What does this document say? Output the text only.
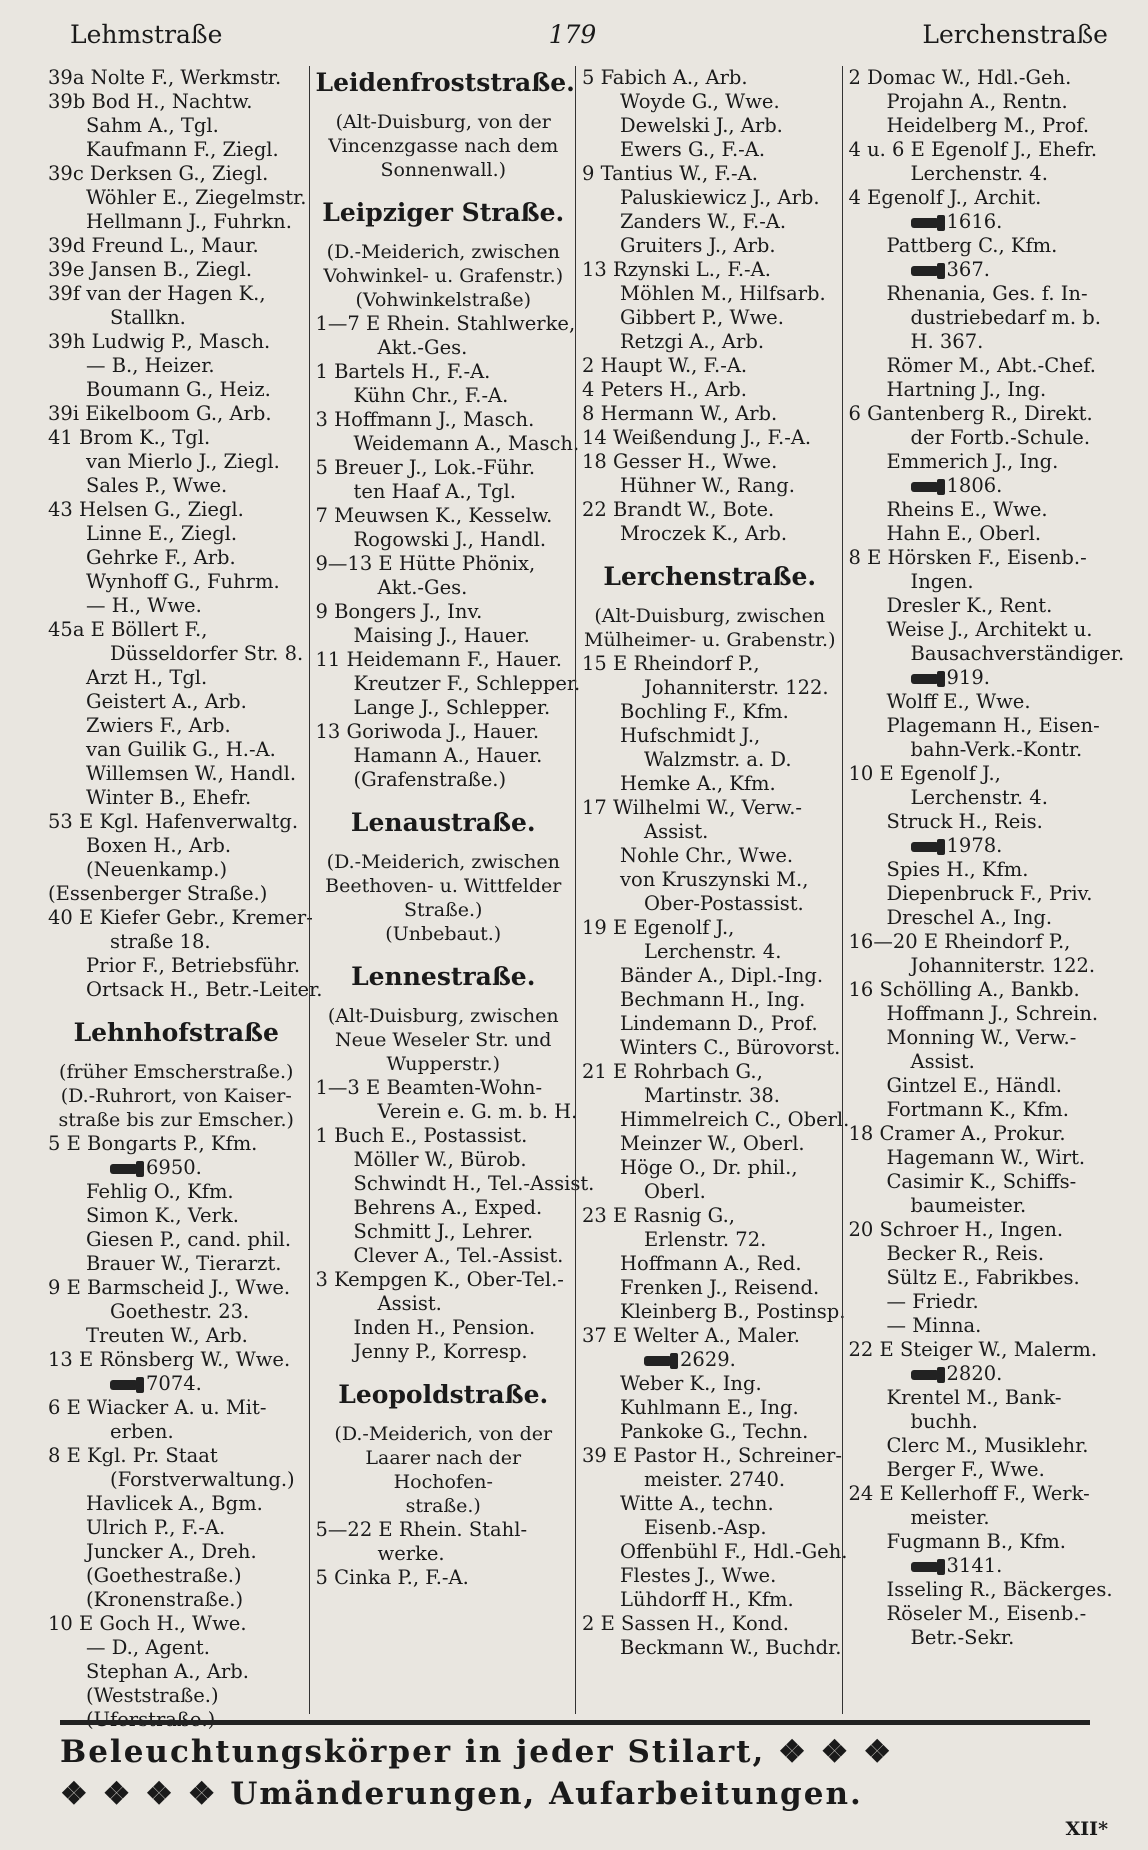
Lehmstraße	179	Lerchenstraße
39a Nolte F., Werkmstr.
39b Bod H., Nachtw.
Sahm A., Tgl.
Kaufmann F., Ziegl.
39c Derksen G., Ziegl.
Wöhler E., Ziegelmstr.
Hellmann J., Fuhrkn.
39d Freund L., Maur.
39e Jansen B., Ziegl.
39f van der Hagen K.,
Stallkn.
39h Ludwig P., Masch.
— B., Heizer.
Boumann G., Heiz.
39i Eikelboom G., Arb.
41 Brom K., Tgl.
van Mierlo J., Ziegl.
Sales P., Wwe.
43 Helsen G., Ziegl.
Linne E., Ziegl.
Gehrke F., Arb.
Wynhoff G., Fuhrm.
— H., Wwe.
45a E Böllert F.,
Düsseldorfer Str. 8.
Arzt H., Tgl.
Geistert A., Arb.
Zwiers F., Arb.
van Guilik G., H.-A.
Willemsen W., Handl.
Winter B., Ehefr.
53 E Kgl. Hafenverwaltg.
Boxen H., Arb.
(Neuenkamp.)
(Essenberger Straße.)
40 E Kiefer Gebr., Kremer-
straße 18.
Prior F., Betriebsführ.
Ortsack H., Betr.-Leiter.
Lehnhofstraße
(früher Emscherstraße.)
(D.-Ruhrort, von Kaiser-
straße bis zur Emscher.)
5 E Bongarts P., Kfm.
6950.
Fehlig O., Kfm.
Simon K., Verk.
Giesen P., cand. phil.
Brauer W., Tierarzt.
9 E Barmscheid J., Wwe.
Goethestr. 23.
Treuten W., Arb.
13 E Rönsberg W., Wwe.
7074.
6 E Wiacker A. u. Mit-
erben.
8 E Kgl. Pr. Staat
(Forstverwaltung.)
Havlicek A., Bgm.
Ulrich P., F.-A.
Juncker A., Dreh.
(Goethestraße.)
(Kronenstraße.)
10 E Goch H., Wwe.
— D., Agent.
Stephan A., Arb.
(Weststraße.)
(Uferstraße.)
Leidenfroststraße.
(Alt-Duisburg, von der
Vincenzgasse nach dem
Sonnenwall.)
Leipziger Straße.
(D.-Meiderich, zwischen
Vohwinkel- u. Grafenstr.)
(Vohwinkelstraße)
1—7 E Rhein. Stahlwerke,
Akt.-Ges.
1 Bartels H., F.-A.
Kühn Chr., F.-A.
3 Hoffmann J., Masch.
Weidemann A., Masch.
5 Breuer J., Lok.-Führ.
ten Haaf A., Tgl.
7 Meuwsen K., Kesselw.
Rogowski J., Handl.
9—13 E Hütte Phönix,
Akt.-Ges.
9 Bongers J., Inv.
Maising J., Hauer.
11 Heidemann F., Hauer.
Kreutzer F., Schlepper.
Lange J., Schlepper.
13 Goriwoda J., Hauer.
Hamann A., Hauer.
(Grafenstraße.)
Lenaustraße.
(D.-Meiderich, zwischen
Beethoven- u. Wittfelder
Straße.)
(Unbebaut.)
Lennestraße.
(Alt-Duisburg, zwischen
Neue Weseler Str. und
Wupperstr.)
1—3 E Beamten-Wohn-
Verein e. G. m. b. H.
1 Buch E., Postassist.
Möller W., Bürob.
Schwindt H., Tel.-Assist.
Behrens A., Exped.
Schmitt J., Lehrer.
Clever A., Tel.-Assist.
3 Kempgen K., Ober-Tel.-
Assist.
Inden H., Pension.
Jenny P., Korresp.
Leopoldstraße.
(D.-Meiderich, von der
Laarer nach der Hochofen-
straße.)
5—22 E Rhein. Stahl-
werke.
5 Cinka P., F.-A.
5 Fabich A., Arb.
Woyde G., Wwe.
Dewelski J., Arb.
Ewers G., F.-A.
9 Tantius W., F.-A.
Paluskiewicz J., Arb.
Zanders W., F.-A.
Gruiters J., Arb.
13 Rzynski L., F.-A.
Möhlen M., Hilfsarb.
Gibbert P., Wwe.
Retzgi A., Arb.
2 Haupt W., F.-A.
4 Peters H., Arb.
8 Hermann W., Arb.
14 Weißendung J., F.-A.
18 Gesser H., Wwe.
Hühner W., Rang.
22 Brandt W., Bote.
Mroczek K., Arb.
Lerchenstraße.
(Alt-Duisburg, zwischen
Mülheimer- u. Grabenstr.)
15 E Rheindorf P.,
Johanniterstr. 122.
Bochling F., Kfm.
Hufschmidt J.,
Walzmstr. a. D.
Hemke A., Kfm.
17 Wilhelmi W., Verw.-
Assist.
Nohle Chr., Wwe.
von Kruszynski M.,
Ober-Postassist.
19 E Egenolf J.,
Lerchenstr. 4.
Bänder A., Dipl.-Ing.
Bechmann H., Ing.
Lindemann D., Prof.
Winters C., Bürovorst.
21 E Rohrbach G.,
Martinstr. 38.
Himmelreich C., Oberl.
Meinzer W., Oberl.
Höge O., Dr. phil.,
Oberl.
23 E Rasnig G.,
Erlenstr. 72.
Hoffmann A., Red.
Frenken J., Reisend.
Kleinberg B., Postinsp.
37 E Welter A., Maler.
2629.
Weber K., Ing.
Kuhlmann E., Ing.
Pankoke G., Techn.
39 E Pastor H., Schreiner-
meister. 2740.
Witte A., techn.
Eisenb.-Asp.
Offenbühl F., Hdl.-Geh.
Flestes J., Wwe.
Lühdorff H., Kfm.
2 E Sassen H., Kond.
Beckmann W., Buchdr.
2 Domac W., Hdl.-Geh.
Projahn A., Rentn.
Heidelberg M., Prof.
4 u. 6 E Egenolf J., Ehefr.
Lerchenstr. 4.
4 Egenolf J., Archit.
1616.
Pattberg C., Kfm.
367.
Rhenania, Ges. f. In-
dustriebedarf m. b.
H. 367.
Römer M., Abt.-Chef.
Hartning J., Ing.
6 Gantenberg R., Direkt.
der Fortb.-Schule.
Emmerich J., Ing.
1806.
Rheins E., Wwe.
Hahn E., Oberl.
8 E Hörsken F., Eisenb.-
Ingen.
Dresler K., Rent.
Weise J., Architekt u.
Bausachverständiger.
919.
Wolff E., Wwe.
Plagemann H., Eisen-
bahn-Verk.-Kontr.
10 E Egenolf J.,
Lerchenstr. 4.
Struck H., Reis.
1978.
Spies H., Kfm.
Diepenbruck F., Priv.
Dreschel A., Ing.
16—20 E Rheindorf P.,
Johanniterstr. 122.
16 Schölling A., Bankb.
Hoffmann J., Schrein.
Monning W., Verw.-
Assist.
Gintzel E., Händl.
Fortmann K., Kfm.
18 Cramer A., Prokur.
Hagemann W., Wirt.
Casimir K., Schiffs-
baumeister.
20 Schroer H., Ingen.
Becker R., Reis.
Sültz E., Fabrikbes.
— Friedr.
— Minna.
22 E Steiger W., Malerm.
2820.
Krentel M., Bank-
buchh.
Clerc M., Musiklehr.
Berger F., Wwe.
24 E Kellerhoff F., Werk-
meister.
Fugmann B., Kfm.
3141.
Isseling R., Bäckerges.
Röseler M., Eisenb.-
Betr.-Sekr.
Beleuchtungskörper in jeder Stilart, ❖ ❖ ❖
❖ ❖ ❖ ❖ Umänderungen, Aufarbeitungen.
XII*
